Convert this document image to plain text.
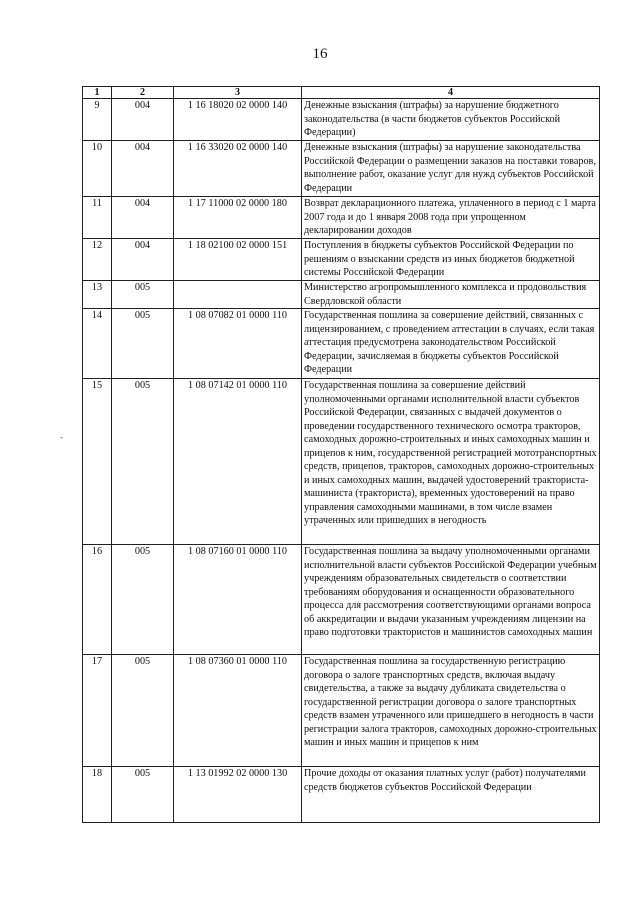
16
-
1	2	3	4
9	004	1 16 18020 02 0000 140	Денежные взыскания (штрафы) за нарушение бюджетного законодательства (в части бюджетов субъектов Российской Федерации)
10	004	1 16 33020 02 0000 140	Денежные взыскания (штрафы) за нарушение законодательства Российской Федерации о размещении заказов на поставки товаров, выполнение работ, оказание услуг для нужд субъектов Российской Федерации
11	004	1 17 11000 02 0000 180	Возврат декларационного платежа, уплаченного в период с 1 марта 2007 года и до 1 января 2008 года при упрощенном декларировании доходов
12	004	1 18 02100 02 0000 151	Поступления в бюджеты субъектов Российской Федерации по решениям о взыскании средств из иных бюджетов бюджетной системы Российской Федерации
13	005		Министерство агропромышленного комплекса и продовольствия Свердловской области
14	005	1 08 07082 01 0000 110	Государственная пошлина за совершение действий, связанных с лицензированием, с проведением аттестации в случаях, если такая аттестация предусмотрена законодательством Российской Федерации, зачисляемая в бюджеты субъектов Российской Федерации
15	005	1 08 07142 01 0000 110	Государственная пошлина за совершение действий уполномоченными органами исполнительной власти субъектов Российской Федерации, связанных с выдачей документов о проведении государственного технического осмотра тракторов, самоходных дорожно-строительных и иных самоходных машин и прицепов к ним, государственной регистрацией мототранспортных средств, прицепов, тракторов, самоходных дорожно-строительных и иных самоходных машин, выдачей удостоверений тракториста-машиниста (тракториста), временных удостоверений на право управления самоходными машинами, в том числе взамен утраченных или пришедших в негодность
16	005	1 08 07160 01 0000 110	Государственная пошлина за выдачу уполномоченными органами исполнительной власти субъектов Российской Федерации учебным учреждениям образовательных свидетельств о соответствии требованиям оборудования и оснащенности образовательного процесса для рассмотрения соответствующими органами вопроса об аккредитации и выдачи указанным учреждениям лицензии на право подготовки трактористов и машинистов самоходных машин
17	005	1 08 07360 01 0000 110	Государственная пошлина за государственную регистрацию договора о залоге транспортных средств, включая выдачу свидетельства, а также за выдачу дубликата свидетельства о государственной регистрации договора о залоге транспортных средств взамен утраченного или пришедшего в негодность в части регистрации залога тракторов, самоходных дорожно-строительных машин и иных машин и прицепов к ним
18	005	1 13 01992 02 0000 130	Прочие доходы от оказания платных услуг (работ) получателями средств бюджетов субъектов Российской Федерации
